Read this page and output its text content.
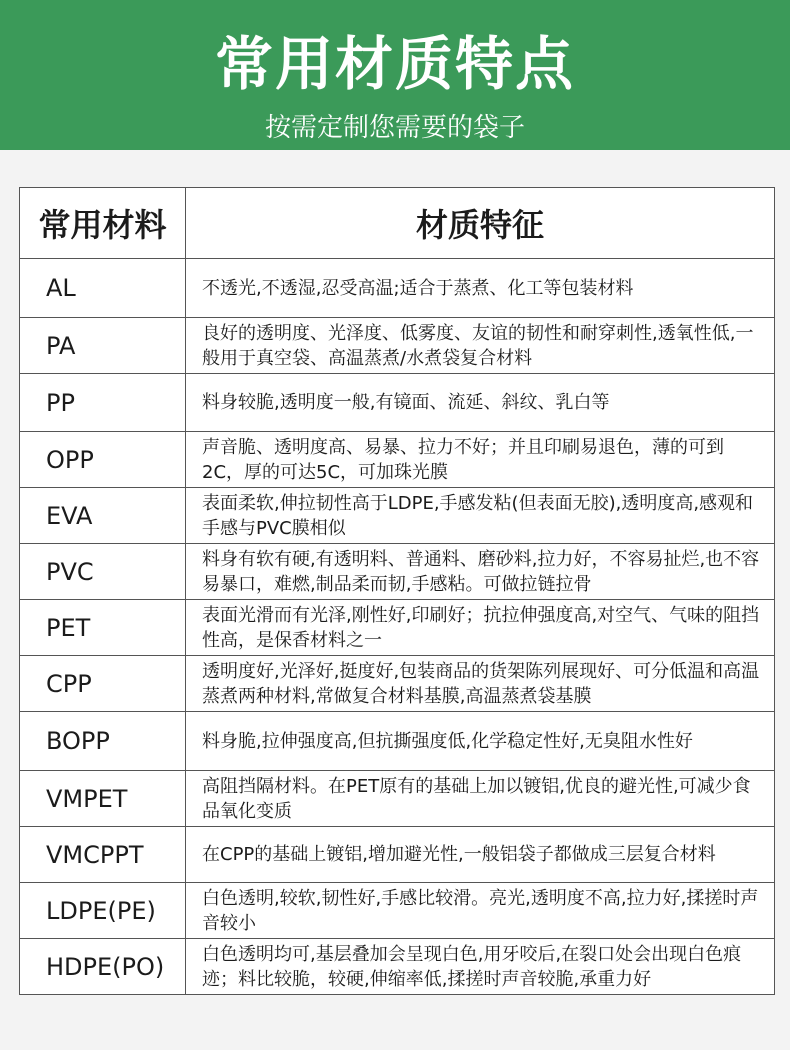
常用材质特点
按需定制您需要的袋子
常用材料	材质特征
AL	不透光,不透湿,忍受高温;适合于蒸煮、化工等包装材料
PA	良好的透明度、光泽度、低雾度、友谊的韧性和耐穿刺性,透氧性低,一般用于真空袋、高温蒸煮/水煮袋复合材料
PP	料身较脆,透明度一般,有镜面、流延、斜纹、乳白等
OPP	声音脆、透明度高、易暴、拉力不好；并且印刷易退色，薄的可到2C，厚的可达5C，可加珠光膜
EVA	表面柔软,伸拉韧性高于LDPE,手感发粘(但表面无胶),透明度高,感观和手感与PVC膜相似
PVC	料身有软有硬,有透明料、普通料、磨砂料,拉力好，不容易扯烂,也不容易暴口，难燃,制品柔而韧,手感粘。可做拉链拉骨
PET	表面光滑而有光泽,刚性好,印刷好；抗拉伸强度高,对空气、气味的阻挡性高，是保香材料之一
CPP	透明度好,光泽好,挺度好,包装商品的货架陈列展现好、可分低温和高温蒸煮两种材料,常做复合材料基膜,高温蒸煮袋基膜
BOPP	料身脆,拉伸强度高,但抗撕强度低,化学稳定性好,无臭阻水性好
VMPET	高阻挡隔材料。在PET原有的基础上加以镀铝,优良的避光性,可减少食品氧化变质
VMCPPT	在CPP的基础上镀铝,增加避光性,一般铝袋子都做成三层复合材料
LDPE(PE)	白色透明,较软,韧性好,手感比较滑。亮光,透明度不高,拉力好,揉搓时声音较小
HDPE(PO)	白色透明均可,基层叠加会呈现白色,用牙咬后,在裂口处会出现白色痕迹；料比较脆，较硬,伸缩率低,揉搓时声音较脆,承重力好
